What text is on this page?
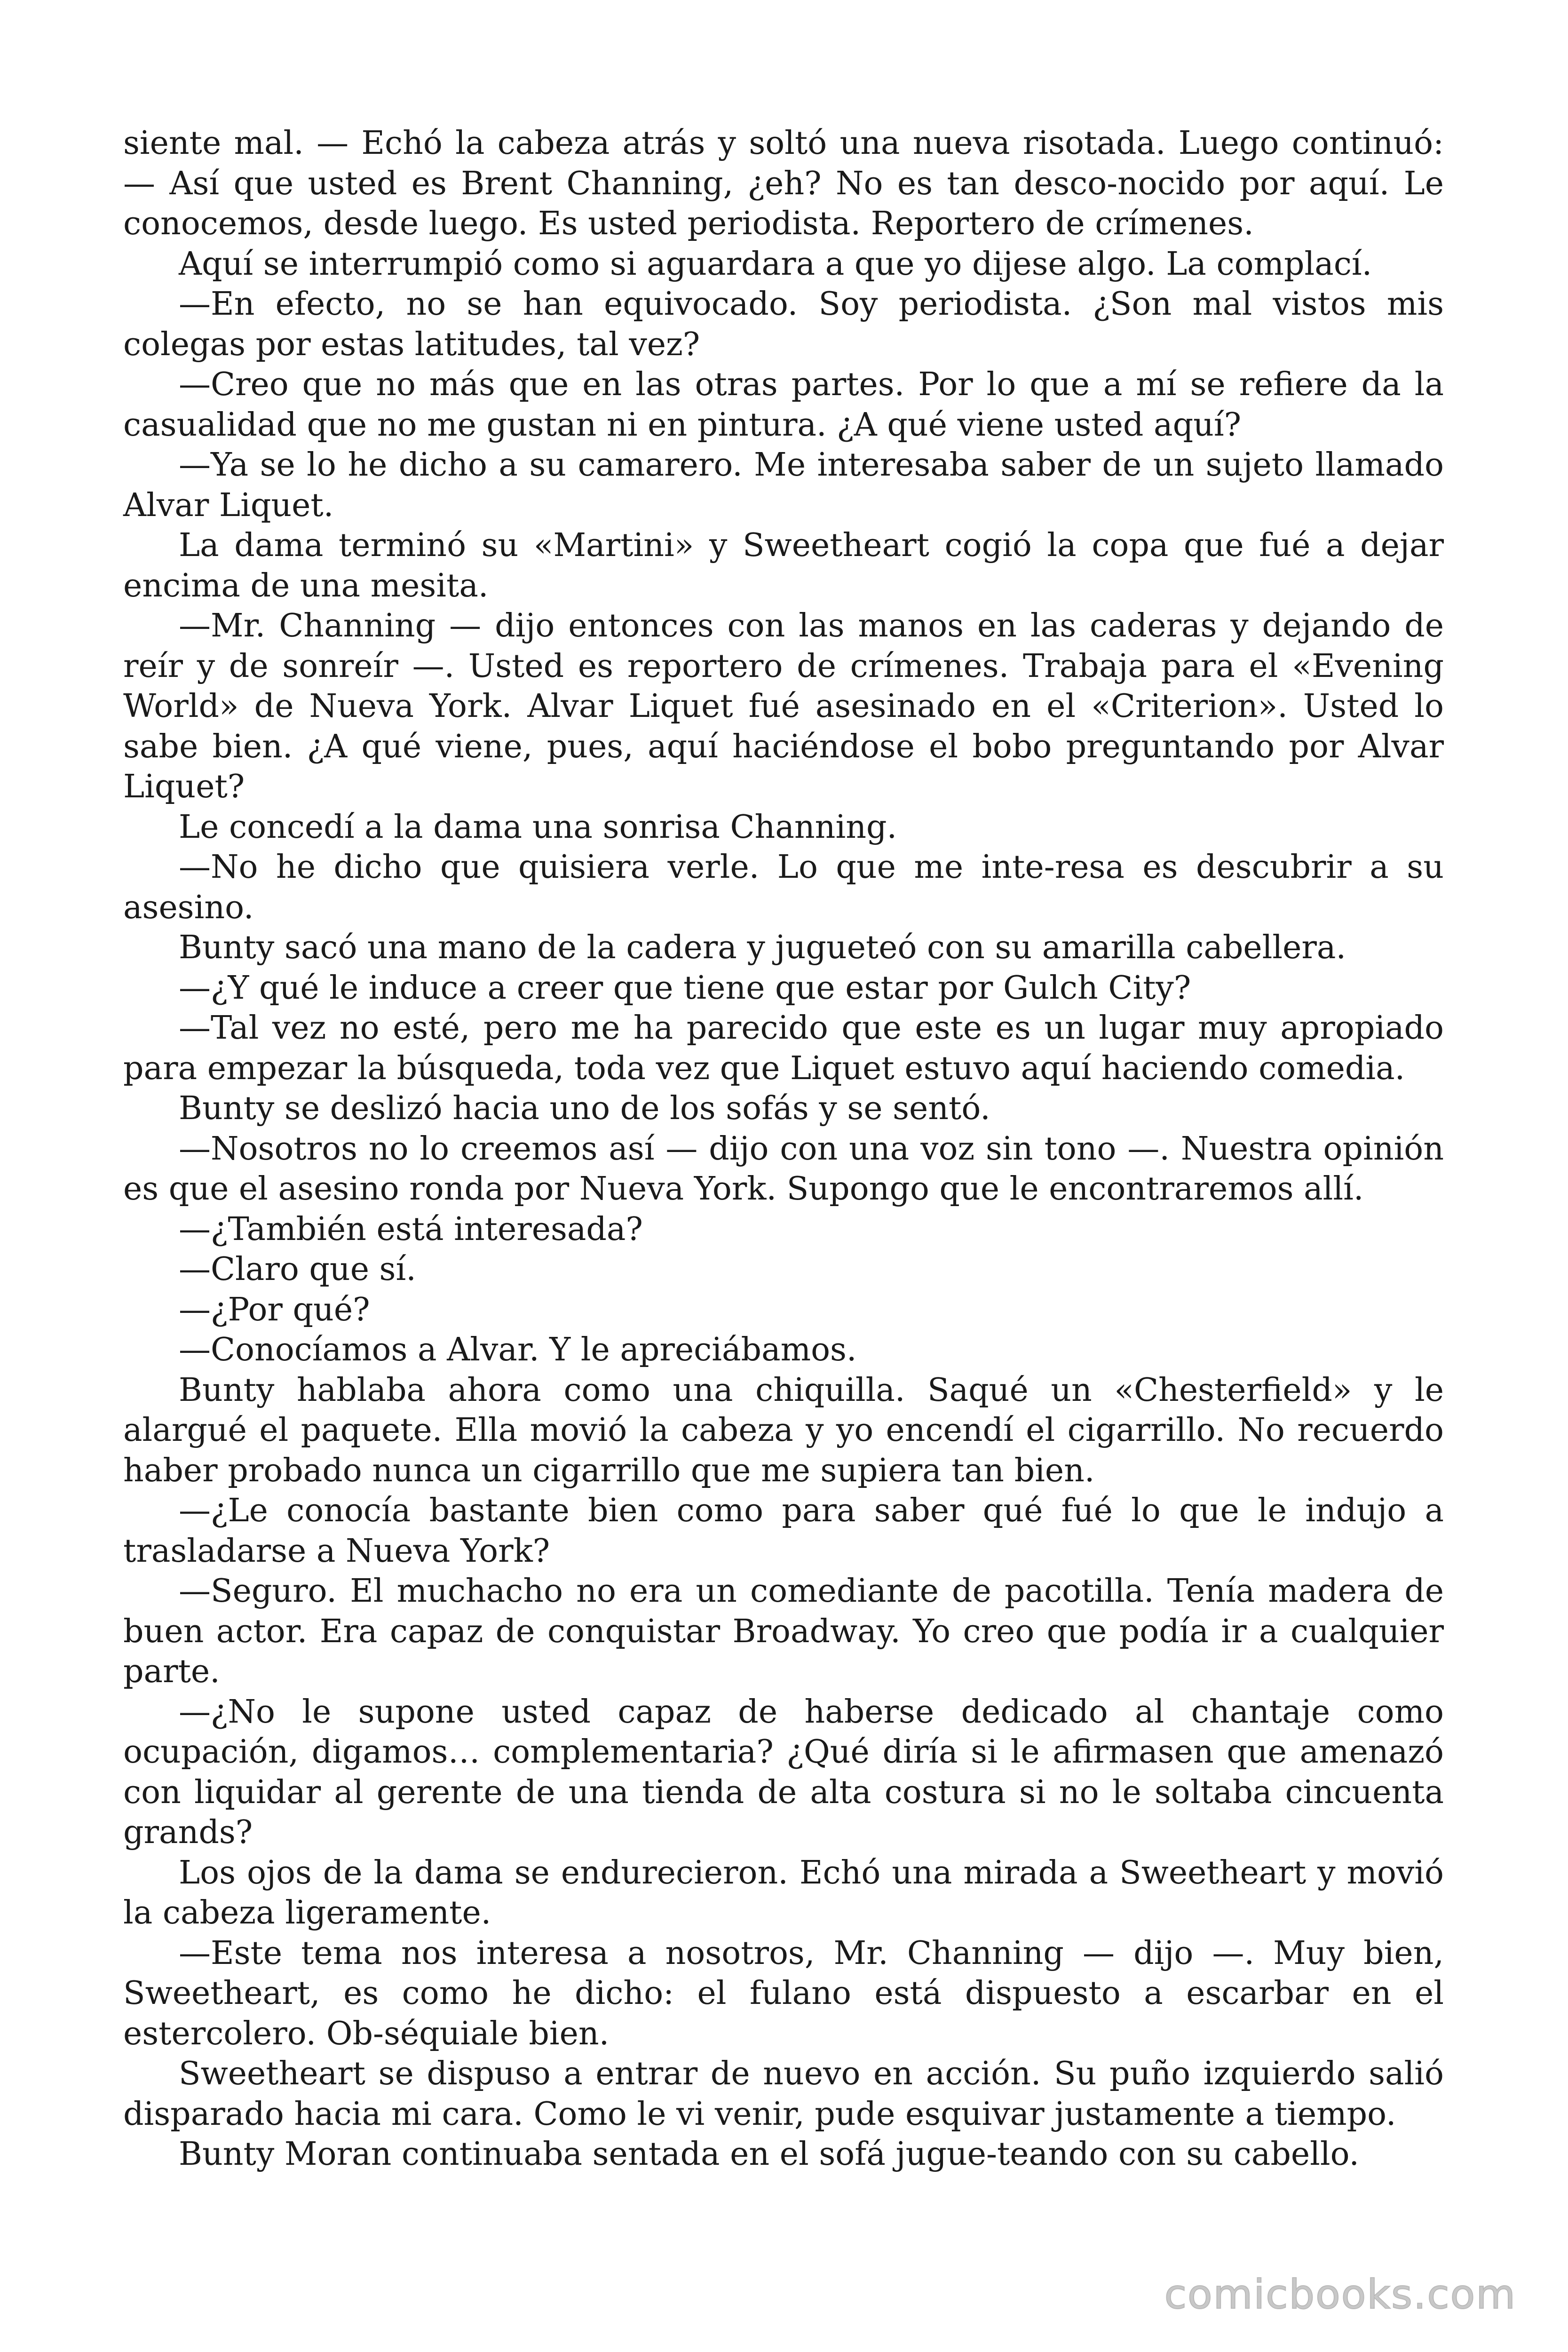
siente mal. — Echó la cabeza atrás y soltó una nueva risotada. Luego continuó: — Así que usted es Brent Channing, ¿eh? No es tan desco-nocido por aquí. Le conocemos, desde luego. Es usted periodista. Reportero de crímenes.

Aquí se interrumpió como si aguardara a que yo dijese algo. La complací.

—En efecto, no se han equivocado. Soy periodista. ¿Son mal vistos mis colegas por estas latitudes, tal vez?

—Creo que no más que en las otras partes. Por lo que a mí se refiere da la casualidad que no me gustan ni en pintura. ¿A qué viene usted aquí?

—Ya se lo he dicho a su camarero. Me interesaba saber de un sujeto llamado Alvar Liquet.

La dama terminó su «Martini» y Sweetheart cogió la copa que fué a dejar encima de una mesita.

—Mr. Channing — dijo entonces con las manos en las caderas y dejando de reír y de sonreír —. Usted es reportero de crímenes. Trabaja para el «Evening World» de Nueva York. Alvar Liquet fué asesinado en el «Criterion». Usted lo sabe bien. ¿A qué viene, pues, aquí haciéndose el bobo preguntando por Alvar Liquet?

Le concedí a la dama una sonrisa Channing.

—No he dicho que quisiera verle. Lo que me inte-resa es descubrir a su asesino.

Bunty sacó una mano de la cadera y jugueteó con su amarilla cabellera.

—¿Y qué le induce a creer que tiene que estar por Gulch City?

—Tal vez no esté, pero me ha parecido que este es un lugar muy apropiado para empezar la búsqueda, toda vez que Liquet estuvo aquí haciendo comedia.

Bunty se deslizó hacia uno de los sofás y se sentó.

—Nosotros no lo creemos así — dijo con una voz sin tono —. Nuestra opinión es que el asesino ronda por Nueva York. Supongo que le encontraremos allí.

—¿También está interesada?

—Claro que sí.

—¿Por qué?

—Conocíamos a Alvar. Y le apreciábamos.

Bunty hablaba ahora como una chiquilla. Saqué un «Chesterfield» y le alargué el paquete. Ella movió la cabeza y yo encendí el cigarrillo. No recuerdo haber probado nunca un cigarrillo que me supiera tan bien.

—¿Le conocía bastante bien como para saber qué fué lo que le indujo a trasladarse a Nueva York?

—Seguro. El muchacho no era un comediante de pacotilla. Tenía madera de buen actor. Era capaz de conquistar Broadway. Yo creo que podía ir a cualquier parte.

—¿No le supone usted capaz de haberse dedicado al chantaje como ocupación, digamos… complementaria? ¿Qué diría si le afirmasen que amenazó con liquidar al gerente de una tienda de alta costura si no le soltaba cincuenta grands?

Los ojos de la dama se endurecieron. Echó una mirada a Sweetheart y movió la cabeza ligeramente.

—Este tema nos interesa a nosotros, Mr. Channing — dijo —. Muy bien, Sweetheart, es como he dicho: el fulano está dispuesto a escarbar en el estercolero. Ob-séquiale bien.

Sweetheart se dispuso a entrar de nuevo en acción. Su puño izquierdo salió disparado hacia mi cara. Como le vi venir, pude esquivar justamente a tiempo.

Bunty Moran continuaba sentada en el sofá jugue-teando con su cabello.

comicbooks.com
